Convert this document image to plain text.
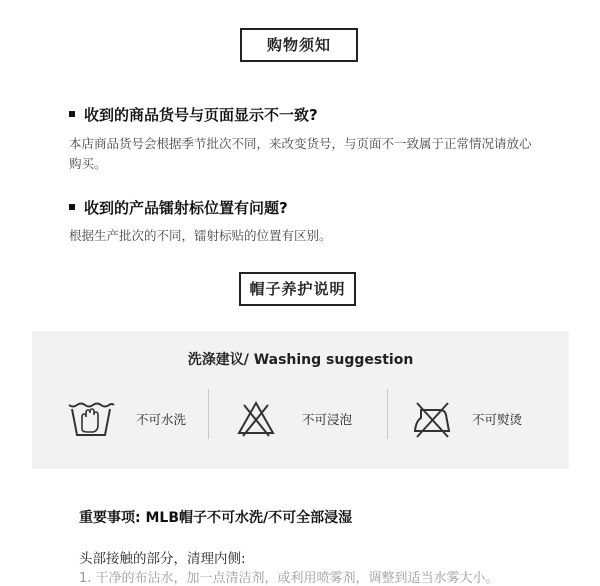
购物须知
收到的商品货号与页面显示不一致?
本店商品货号会根据季节批次不同，来改变货号，与页面不一致属于正常情况请放心购买。
收到的产品镭射标位置有问题?
根据生产批次的不同，镭射标贴的位置有区别。
帽子养护说明
洗涤建议/ Washing suggestion
不可水洗	不可浸泡	不可熨烫
重要事项: MLB帽子不可水洗/不可全部浸湿
头部接触的部分，清理内侧:
1. 干净的布沾水，加一点清洁剂，或利用喷雾剂，调整到适当水雾大小。
